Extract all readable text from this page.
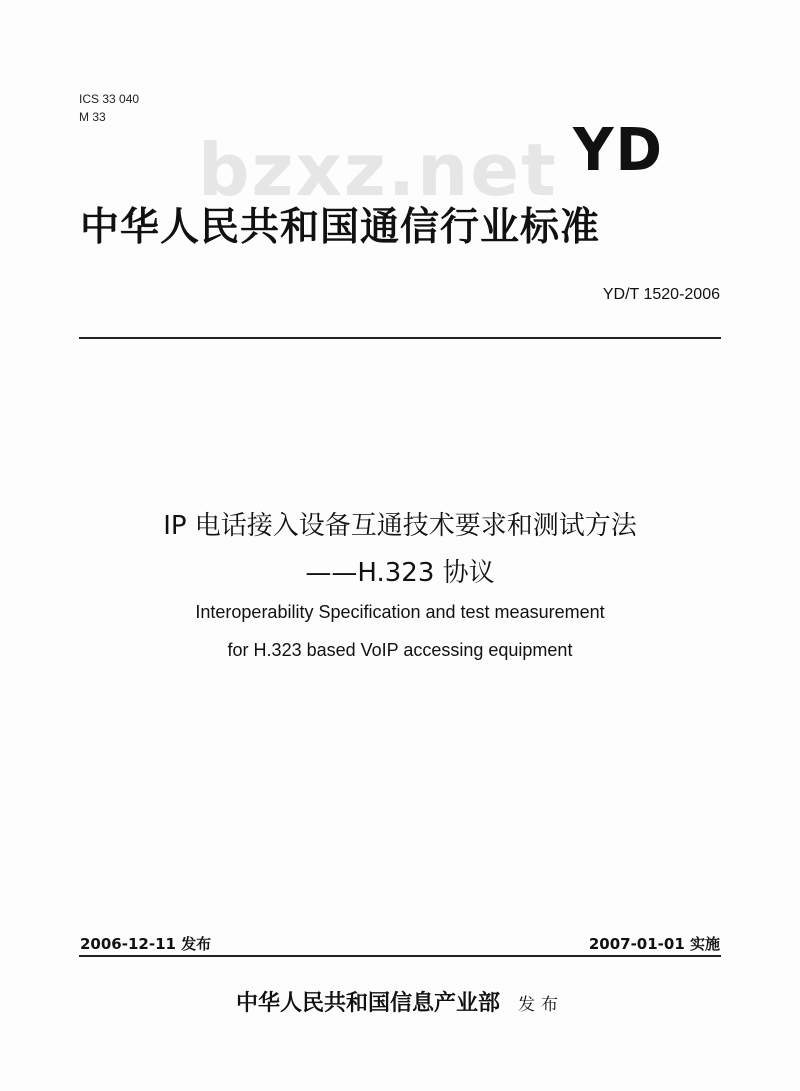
ICS 33 040
M 33
bzxz.net YD
中华人民共和国通信行业标准
YD/T 1520-2006
IP 电话接入设备互通技术要求和测试方法
——H.323 协议
Interoperability Specification and test measurement
for H.323 based VoIP accessing equipment
2006-12-11 发布	2007-01-01 实施
中华人民共和国信息产业部 发布
